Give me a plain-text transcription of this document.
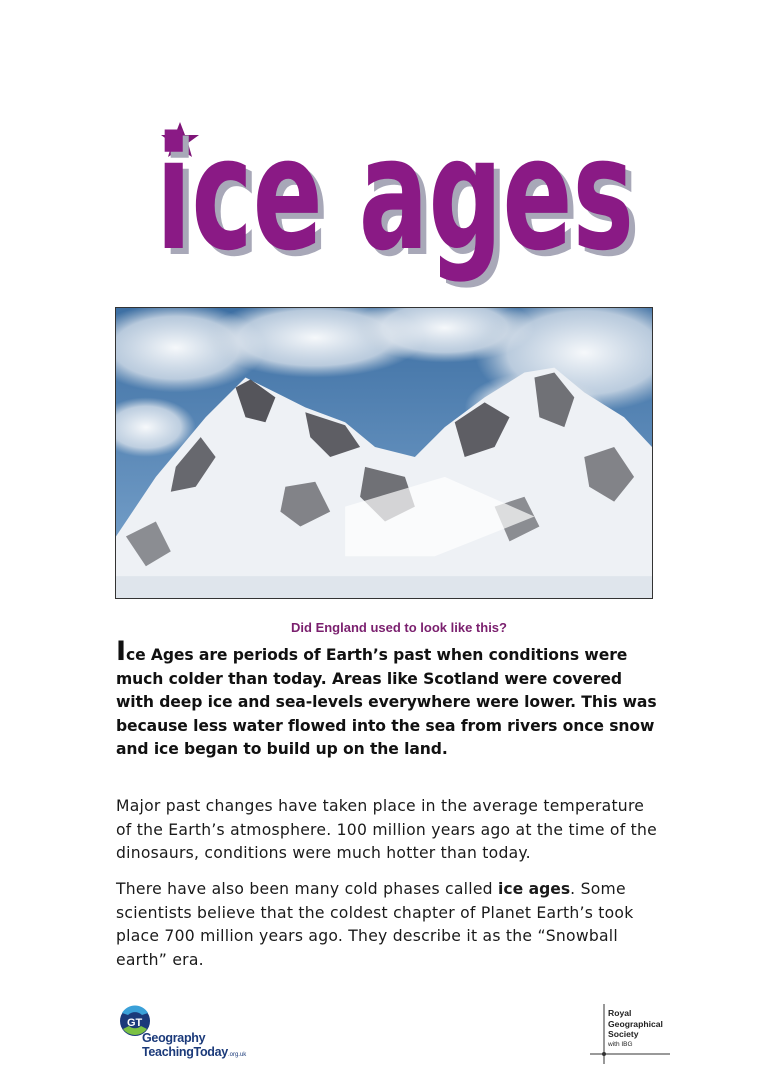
ice ages
ice ages
Did England used to look like this?

Ice Ages are periods of Earth’s past when conditions were much colder than today. Areas like Scotland were covered with deep ice and sea-levels everywhere were lower. This was because less water flowed into the sea from rivers once snow and ice began to build up on the land.

Major past changes have taken place in the average temperature of the Earth’s atmosphere. 100 million years ago at the time of the dinosaurs, conditions were much hotter than today.

There have also been many cold phases called ice ages. Some scientists believe that the coldest chapter of Planet Earth’s took place 700 million years ago. They describe it as the “Snowball earth” era.

GT
Geography
TeachingToday.org.uk
Royal
Geographical
Society
with IBG
